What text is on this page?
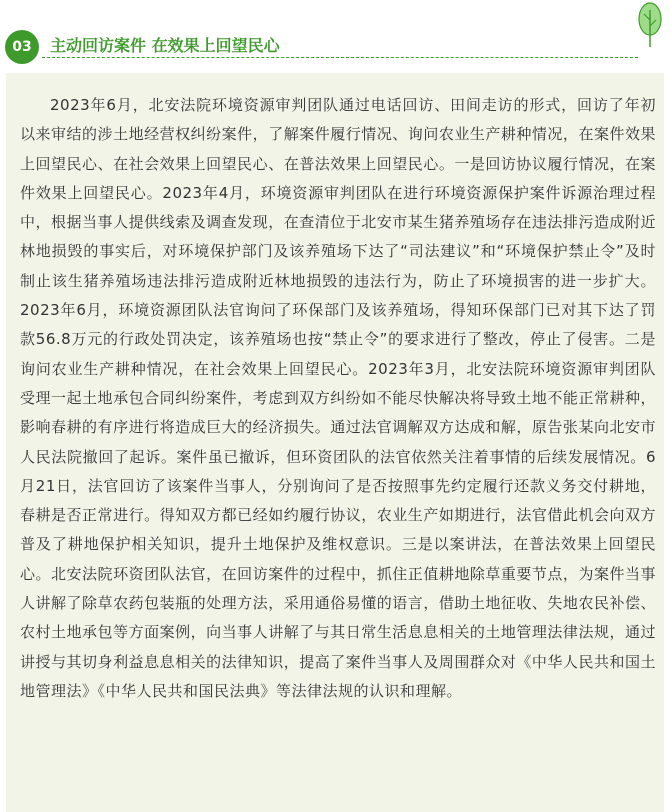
03	主动回访案件 在效果上回望民心

2023年6月，北安法院环境资源审判团队通过电话回访、田间走访的形式，回访了年初以来审结的涉土地经营权纠纷案件，了解案件履行情况、询问农业生产耕种情况，在案件效果上回望民心、在社会效果上回望民心、在普法效果上回望民心。一是回访协议履行情况，在案件效果上回望民心。2023年4月，环境资源审判团队在进行环境资源保护案件诉源治理过程中，根据当事人提供线索及调查发现，在查清位于北安市某生猪养殖场存在违法排污造成附近林地损毁的事实后，对环境保护部门及该养殖场下达了“司法建议”和“环境保护禁止令”及时制止该生猪养殖场违法排污造成附近林地损毁的违法行为，防止了环境损害的进一步扩大。2023年6月，环境资源团队法官询问了环保部门及该养殖场，得知环保部门已对其下达了罚款56.8万元的行政处罚决定，该养殖场也按“禁止令”的要求进行了整改，停止了侵害。二是询问农业生产耕种情况，在社会效果上回望民心。2023年3月，北安法院环境资源审判团队受理一起土地承包合同纠纷案件，考虑到双方纠纷如不能尽快解决将导致土地不能正常耕种，影响春耕的有序进行将造成巨大的经济损失。通过法官调解双方达成和解，原告张某向北安市人民法院撤回了起诉。案件虽已撤诉，但环资团队的法官依然关注着事情的后续发展情况。6月21日，法官回访了该案件当事人，分别询问了是否按照事先约定履行还款义务交付耕地，春耕是否正常进行。得知双方都已经如约履行协议，农业生产如期进行，法官借此机会向双方普及了耕地保护相关知识，提升土地保护及维权意识。三是以案讲法，在普法效果上回望民心。北安法院环资团队法官，在回访案件的过程中，抓住正值耕地除草重要节点，为案件当事人讲解了除草农药包装瓶的处理方法，采用通俗易懂的语言，借助土地征收、失地农民补偿、农村土地承包等方面案例，向当事人讲解了与其日常生活息息相关的土地管理法律法规，通过讲授与其切身利益息息相关的法律知识，提高了案件当事人及周围群众对《中华人民共和国土地管理法》《中华人民共和国民法典》等法律法规的认识和理解。
